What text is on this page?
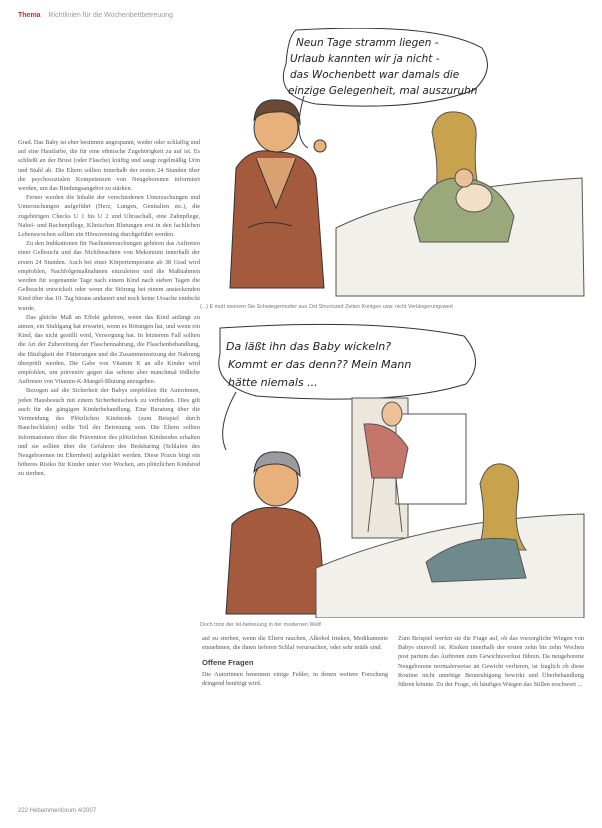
Thema Richtlinien für die Wochenbettbetreuung
Neun Tage stramm liegen -
Urlaub kannten wir ja nicht -
das Wochenbett war damals die
einzige Gelegenheit, mal auszuruhn
(...) E mutt meinem Sie Schwiegermutter aus Ost Structured Zeiten Konigen usw. nicht Verlängerungswert
Da läßt ihn das Baby wickeln?
Kommt er das denn?? Mein Mann
hätte niemals ...
Doch trotz der Ist-betreuung in der modernen Welt!

Grad. Das Baby ist eher bestimmt angespannt, weder oder schlaffig und auf eine Hautfarbe, die für eine ethnische Zugehörigkeit zu auf ist. Es schließt an der Brust (oder Flasche) kräftig und saugt regelmäßig Urin und Stuhl ab. Die Eltern sollten innerhalb der ersten 24 Stunden über die psychosozialen Kompetenzen von Neugeborenen informiert werden, um das Bindungsangebot zu stärken.

Ferner werden die Inhalte der verschiedenen Untersuchungen und Untersuchungen aufgeführt (Herz, Lungen, Genitalien etc.), die zugehörigen Checks U 1 bis U 2 und Ultraschall, eine Zahnpflege, Nabel- und Rachenpflege, Klinischen Blutungen erst in den fachlichen Lebenswochen sollten ein Hörscreening durchgeführt werden.

Zu den Indikationen für Nachuntersuchungen gehören das Auftreten einer Gelbsucht und das Nichtbeachten von Mekonium innerhalb der ersten 24 Stunden. Auch bei einer Körpertemperatur ab 38 Grad wird empfohlen, Nachfolgemaßnahmen einzuleiten und die Maßnahmen werden für sogenannte Tage nach einem Kind nach sieben Tagen die Gelbsucht entwickelt oder wenn die Störung bei einem ansteckenden Kind über das 10. Tag hinaus andauert und noch keine Ursache entdeckt wurde.

Das gleiche Maß an Effekt gehören, wenn das Kind anfängt zu atmen, ein Stuhlgang hat erwartet, wenn es Rötungen hat, und wenn ein Kind, das nicht gestillt wird, Versorgung hat. In letzterem Fall sollten die Art der Zubereitung der Flaschennahrung, die Flaschenbehandlung, die Häufigkeit der Fütterungen und die Zusammensetzung der Nahrung überprüft werden. Die Gabe von Vitamin K an alle Kinder wird empfohlen, um präventiv gegen das seltene aber manchmal tödliche Auftreten von Vitamin-K-Mangel-Blutung anzugehen.

Bezogen auf die Sicherheit der Babys empfehlen die Autorinnen, jeden Hausbesuch mit einem Sicherheitscheck zu verbinden. Dies gilt auch für die gängigen Kinderbehandlung. Eine Beratung über die Vermeidung des Plötzlichen Kindstods (zum Beispiel durch Bauchschlafen) sollte Teil der Betreuung sein. Die Eltern sollten Informationen über die Prävention des plötzlichen Kindstodes erhalten und sie sollten über die Gefahren des Bedsharing (Schlafen des Neugeborenen im Elternbett) aufgeklärt werden. Diese Praxis birgt ein höheres Risiko für Kinder unter vier Wochen, am plötzlichen Kindstod zu sterben.

auf zu sterben, wenn die Eltern rauchen, Alkohol trinken, Medikamente einnehmen, die ihnen tieferen Schlaf verursachen, oder sehr müde sind.

Offene Fragen

Die Autorinnen benennen einige Felder, in denen weitere Forschung dringend benötigt wird.

Zum Beispiel werfen sie die Frage auf, ob das vorsorgliche Wiegen von Babys sinnvoll ist. Risiken innerhalb der ersten zehn bis zehn Wochen post partum das Auftreten zum Gewichtsverlust führen. Da neugeborene Neugeborene normalerweise an Gewicht verlieren, ist fraglich ob diese Routine nicht unnötige Beunruhigung bewirkt und Überbehandlung führen könnte. Zu der Frage, ob häufiges Wiegen das Stillen erschwert ...

222 Hebammenforum 4/2007
